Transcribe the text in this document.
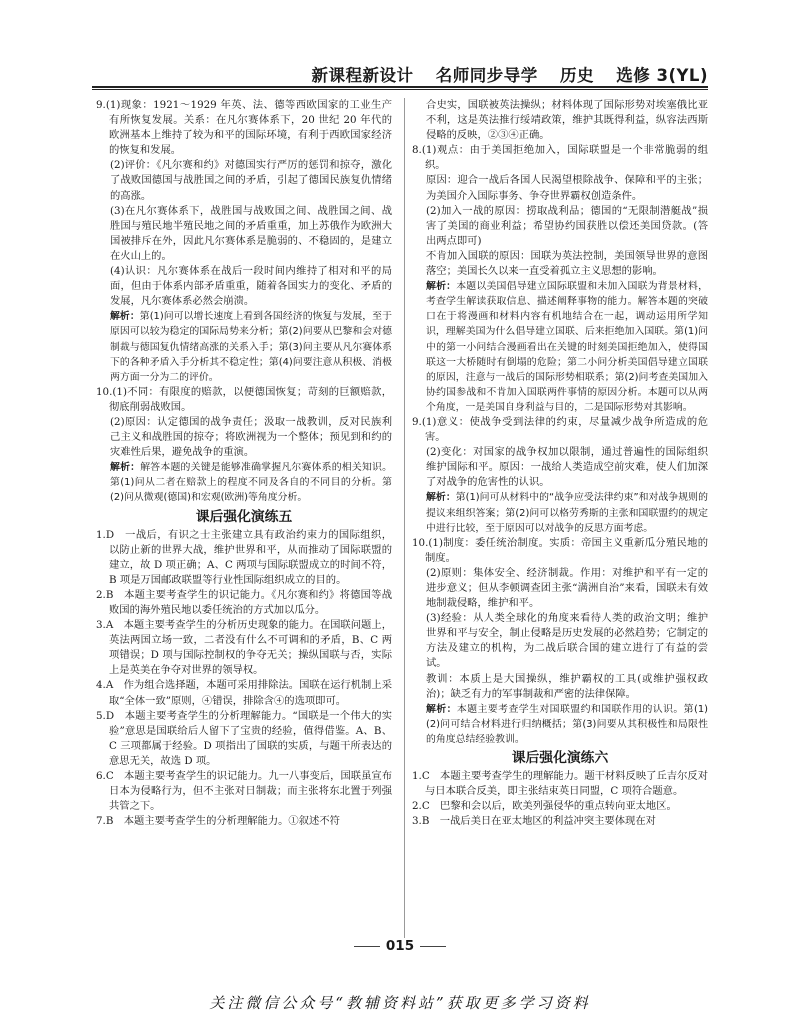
新课程新设计 名师同步导学 历史 选修 3(YL)
9.(1)现象：1921～1929 年英、法、德等西欧国家的工业生产有所恢复发展。关系：在凡尔赛体系下，20 世纪 20 年代的欧洲基本上维持了较为和平的国际环境，有利于西欧国家经济的恢复和发展。
(2)评价：《凡尔赛和约》对德国实行严厉的惩罚和掠夺，激化了战败国德国与战胜国之间的矛盾，引起了德国民族复仇情绪的高涨。
(3)在凡尔赛体系下，战胜国与战败国之间、战胜国之间、战胜国与殖民地半殖民地之间的矛盾重重，加上苏俄作为欧洲大国被排斥在外，因此凡尔赛体系是脆弱的、不稳固的，是建立在火山上的。
(4)认识：凡尔赛体系在战后一段时间内维持了相对和平的局面，但由于体系内部矛盾重重，随着各国实力的变化、矛盾的发展，凡尔赛体系必然会崩溃。
解析：第(1)问可以增长速度上看到各国经济的恢复与发展，至于原因可以较为稳定的国际局势来分析；第(2)问要从巴黎和会对德制裁与德国复仇情绪高涨的关系入手；第(3)问主要从凡尔赛体系下的各种矛盾入手分析其不稳定性；第(4)问要注意从积极、消极两方面一分为二的评价。
10.(1)不同：有限度的赔款，以便德国恢复；苛刻的巨额赔款，彻底削弱战败国。
(2)原因：认定德国的战争责任；汲取一战教训，反对民族利己主义和战胜国的掠夺；将欧洲视为一个整体；预见到和约的灾难性后果，避免战争的重演。
解析：解答本题的关键是能够准确掌握凡尔赛体系的相关知识。第(1)问从二者在赔款上的程度不同及各自的不同目的分析。第(2)问从微观(德国)和宏观(欧洲)等角度分析。
课后强化演练五
1.D　一战后，有识之士主张建立具有政治约束力的国际组织，以防止新的世界大战，维护世界和平，从而推动了国际联盟的建立，故 D 项正确；A、C 两项与国际联盟成立的时间不符，B 项是万国邮政联盟等行业性国际组织成立的目的。
2.B　本题主要考查学生的识记能力。《凡尔赛和约》将德国等战败国的海外殖民地以委任统治的方式加以瓜分。
3.A　本题主要考查学生的分析历史现象的能力。在国联问题上，英法两国立场一致，二者没有什么不可调和的矛盾，B、C 两项错误；D 项与国际控制权的争夺无关；操纵国联与否，实际上是英美在争夺对世界的领导权。
4.A　作为组合选择题，本题可采用排除法。国联在运行机制上采取“全体一致”原则，④错误，排除含④的选项即可。
5.D　本题主要考查学生的分析理解能力。“国联是一个伟大的实验”意思是国联给后人留下了宝贵的经验，值得借鉴。A、B、C 三项都属于经验。D 项指出了国联的实质，与题干所表达的意思无关，故选 D 项。
6.C　本题主要考查学生的识记能力。九一八事变后，国联虽宣布日本为侵略行为，但不主张对日制裁；而主张将东北置于列强共管之下。
7.B　本题主要考查学生的分析理解能力。①叙述不符
合史实，国联被英法操纵；材料体现了国际形势对埃塞俄比亚不利，这是英法推行绥靖政策，维护其既得利益，纵容法西斯侵略的反映，②③④正确。
8.(1)观点：由于美国拒绝加入，国际联盟是一个非常脆弱的组织。
原因：迎合一战后各国人民渴望根除战争、保障和平的主张；为美国介入国际事务、争夺世界霸权创造条件。
(2)加入一战的原因：捞取战利品；德国的“无限制潜艇战”损害了美国的商业利益；希望协约国获胜以偿还美国贷款。(答出两点即可)
不肯加入国联的原因：国联为英法控制，美国领导世界的意图落空；美国长久以来一直受着孤立主义思想的影响。
解析：本题以美国倡导建立国际联盟和未加入国联为背景材料，考查学生解读获取信息、描述阐释事物的能力。解答本题的突破口在于将漫画和材料内容有机地结合在一起，调动运用所学知识，理解美国为什么倡导建立国联、后来拒绝加入国联。第(1)问中的第一小问结合漫画看出在关键的时刻美国拒绝加入，使得国联这一大桥随时有倒塌的危险；第二小问分析美国倡导建立国联的原因，注意与一战后的国际形势相联系；第(2)问考查美国加入协约国参战和不肯加入国联两件事情的原因分析。本题可以从两个角度，一是美国自身利益与目的，二是国际形势对其影响。
9.(1)意义：使战争受到法律的约束，尽量减少战争所造成的危害。
(2)变化：对国家的战争权加以限制，通过普遍性的国际组织维护国际和平。原因：一战给人类造成空前灾难，使人们加深了对战争的危害性的认识。
解析：第(1)问可从材料中的“战争应受法律约束”和对战争规则的提议来组织答案；第(2)问可以格劳秀斯的主张和国联盟约的规定中进行比较，至于原因可以对战争的反思方面考虑。
10.(1)制度：委任统治制度。实质：帝国主义重新瓜分殖民地的制度。
(2)原则：集体安全、经济制裁。作用：对维护和平有一定的进步意义；但从李顿调查团主张“满洲自治”来看，国联未有效地制裁侵略，维护和平。
(3)经验：从人类全球化的角度来看待人类的政治文明；维护世界和平与安全，制止侵略是历史发展的必然趋势；它制定的方法及建立的机构，为二战后联合国的建立进行了有益的尝试。
教训：本质上是大国操纵，维护霸权的工具(或维护强权政治)；缺乏有力的军事制裁和严密的法律保障。
解析：本题主要考查学生对国联盟约和国联作用的认识。第(1)(2)问可结合材料进行归纳概括；第(3)问要从其积极性和局限性的角度总结经验教训。
课后强化演练六
1.C　本题主要考查学生的理解能力。题干材料反映了丘吉尔反对与日本联合反美，即主张结束英日同盟，C 项符合题意。
2.C　巴黎和会以后，欧美列强侵华的重点转向亚太地区。
3.B　一战后美日在亚太地区的利益冲突主要体现在对
015
关注微信公众号“教辅资料站”获取更多学习资料
